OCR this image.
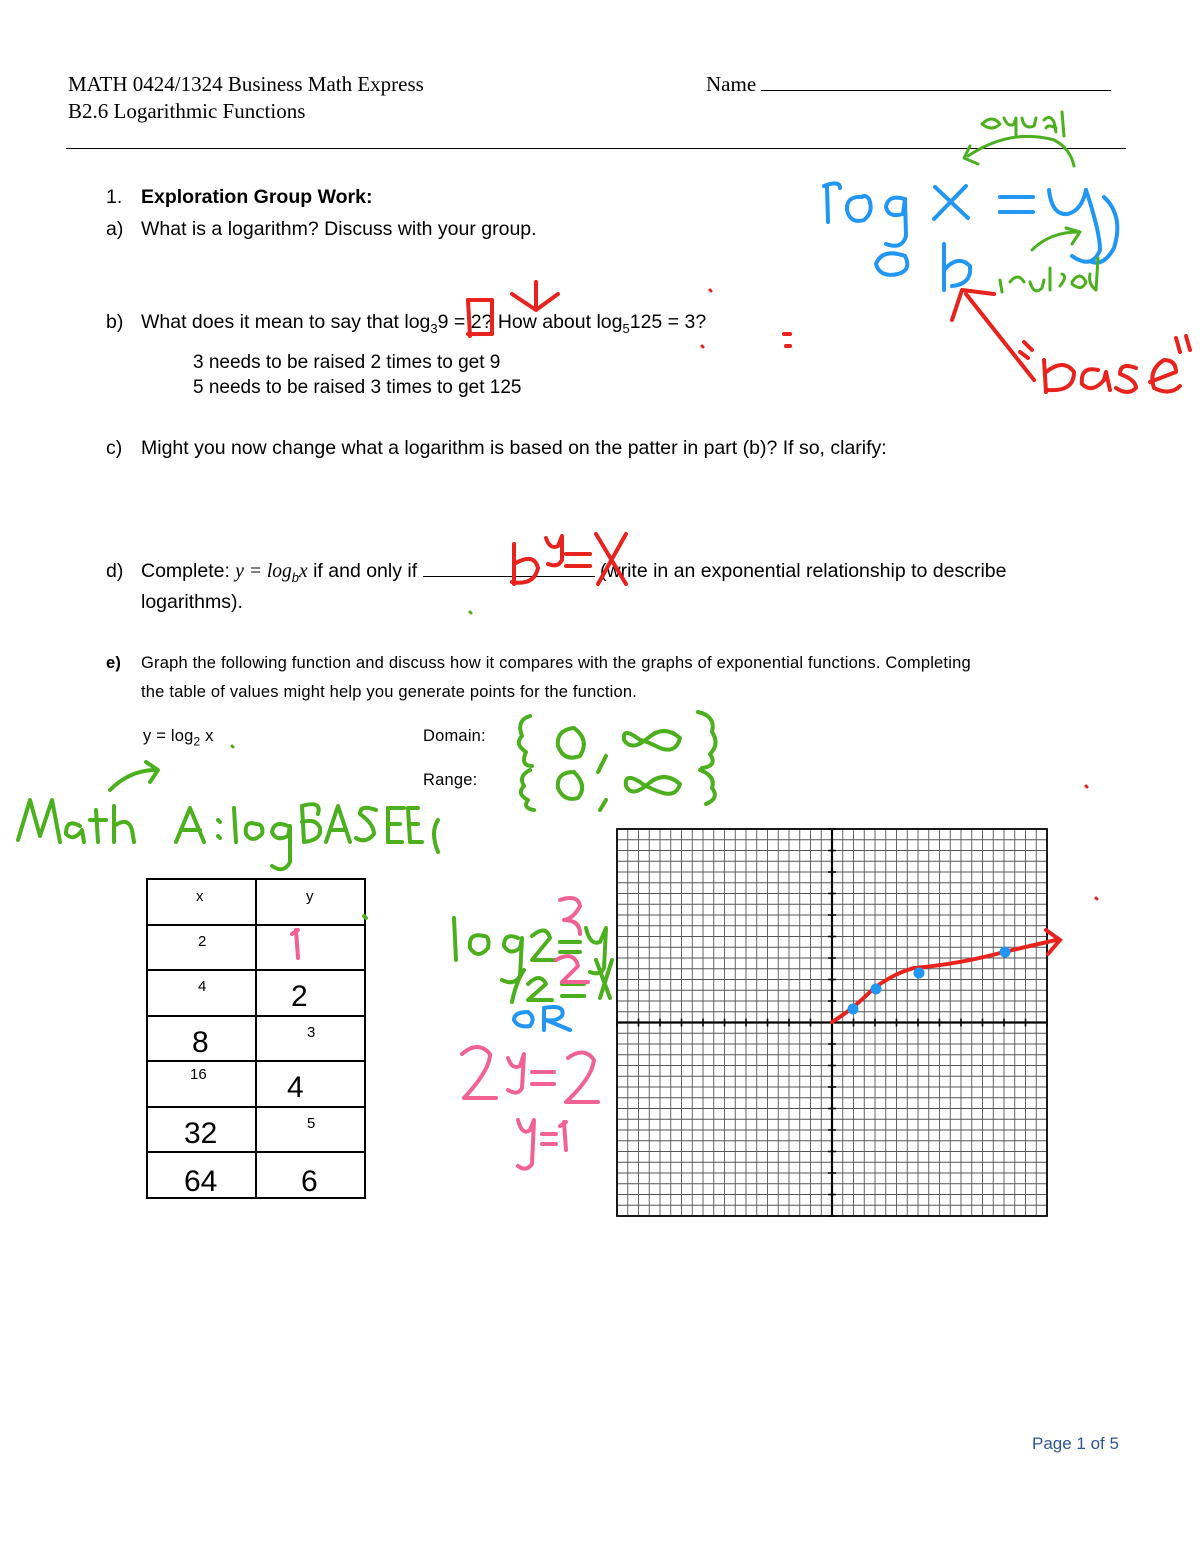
MATH 0424/1324 Business Math Express
B2.6 Logarithmic Functions
Name
1. Exploration Group Work:
a) What is a logarithm? Discuss with your group.
b) What does it mean to say that $\log_39 = 2$? How about $\log_5125 = 3$?
3 needs to be raised 2 times to get 9
5 needs to be raised 3 times to get 125
c) Might you now change what a logarithm is based on the patter in part (b)? If so, clarify:
d) Complete: $y = \log_bx$ if and only if	(write in an exponential relationship to describe
logarithms).
e) Graph the following function and discuss how it compares with the graphs of exponential functions. Completing
the table of values might help you generate points for the function.
$y = \log_2 x$	Domain:
Range:
x	y

2	

4	2

8	3

16	4

32	5

64	6
Page 1 of 5
